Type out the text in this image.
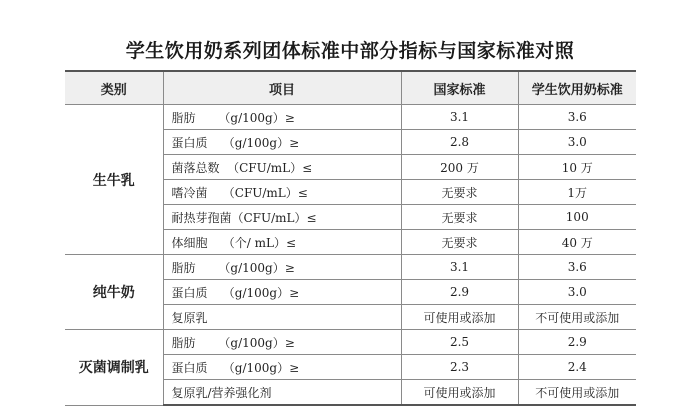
学生饮用奶系列团体标准中部分指标与国家标准对照
类别	项目	国家标准	学生饮用奶标准
生牛乳	脂肪      （g/100g）≥	3.1	3.6
	蛋白质    （g/100g）≥	2.8	3.0
	菌落总数  （CFU/mL）≤	200 万	10 万
	嗜冷菌    （CFU/mL）≤	无要求	1万
	耐热芽孢菌（CFU/mL）≤	无要求	100
	体细胞    （个/ mL）≤	无要求	40 万
纯牛奶	脂肪      （g/100g）≥	3.1	3.6
	蛋白质    （g/100g）≥	2.9	3.0
	复原乳	可使用或添加	不可使用或添加
灭菌调制乳	脂肪      （g/100g）≥	2.5	2.9
	蛋白质    （g/100g）≥	2.3	2.4
	复原乳/营养强化剂	可使用或添加	不可使用或添加
